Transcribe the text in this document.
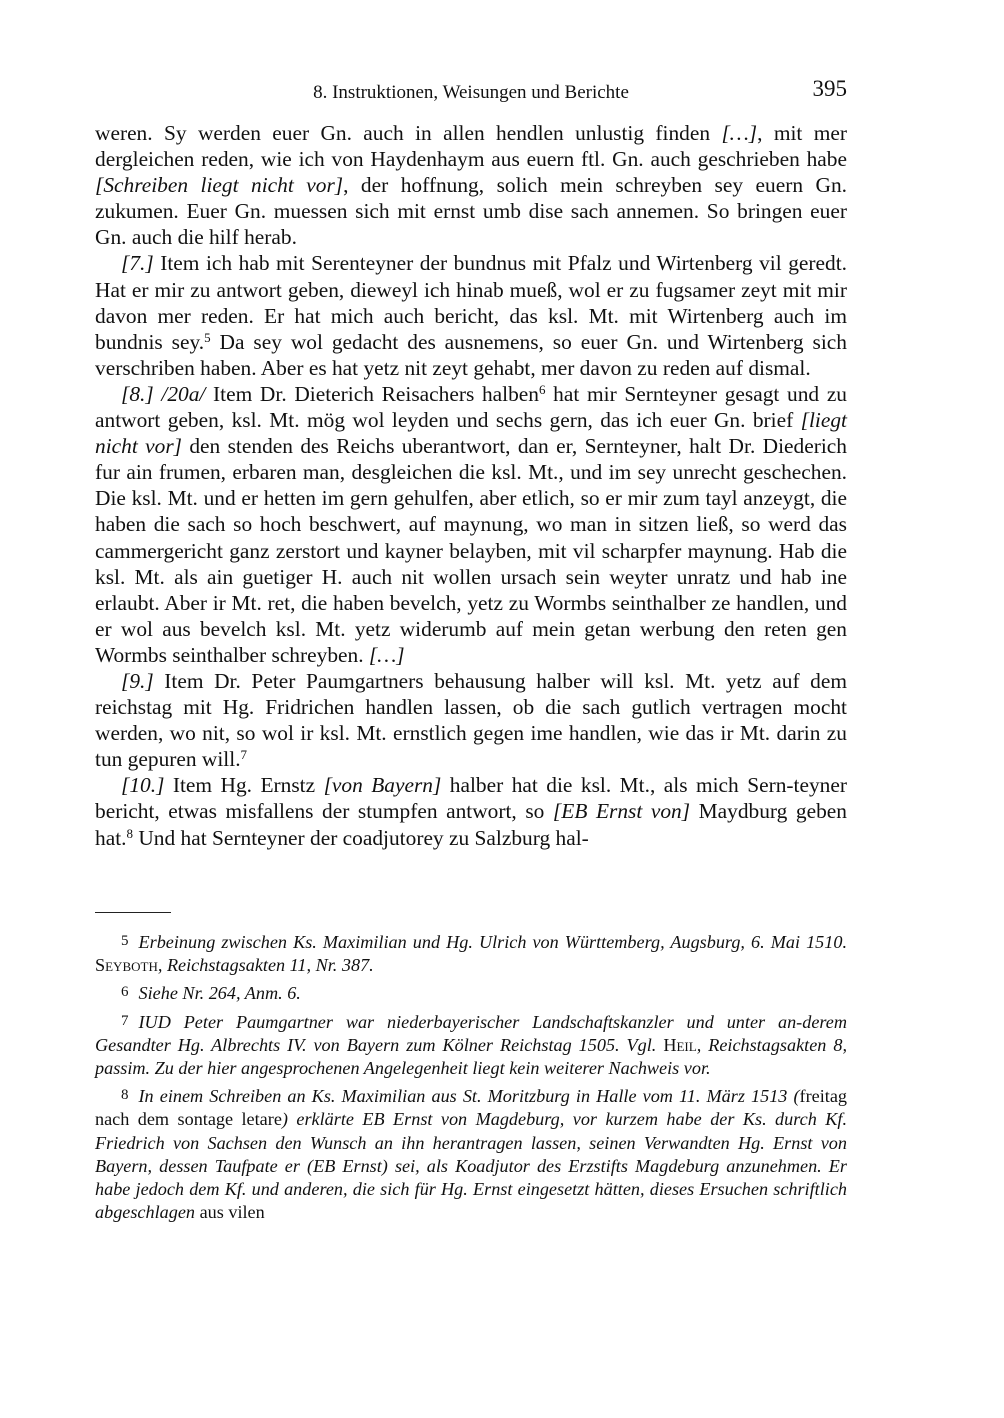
8. Instruktionen, Weisungen und Berichte	395

weren. Sy werden euer Gn. auch in allen hendlen unlustig finden […], mit mer dergleichen reden, wie ich von Haydenhaym aus euern ftl. Gn. auch geschrieben habe [Schreiben liegt nicht vor], der hoffnung, solich mein schreyben sey euern Gn. zukumen. Euer Gn. muessen sich mit ernst umb dise sach annemen. So bringen euer Gn. auch die hilf herab.

[7.] Item ich hab mit Serenteyner der bundnus mit Pfalz und Wirtenberg vil geredt. Hat er mir zu antwort geben, dieweyl ich hinab mueß, wol er zu fugsamer zeyt mit mir davon mer reden. Er hat mich auch bericht, das ksl. Mt. mit Wirtenberg auch im bundnis sey.$^5$ Da sey wol gedacht des ausnemens, so euer Gn. und Wirtenberg sich verschriben haben. Aber es hat yetz nit zeyt gehabt, mer davon zu reden auf dismal.

[8.] /20a/ Item Dr. Dieterich Reisachers halben$^6$ hat mir Sernteyner gesagt und zu antwort geben, ksl. Mt. mög wol leyden und sechs gern, das ich euer Gn. brief [liegt nicht vor] den stenden des Reichs uberantwort, dan er, Sernteyner, halt Dr. Diederich fur ain frumen, erbaren man, desgleichen die ksl. Mt., und im sey unrecht geschechen. Die ksl. Mt. und er hetten im gern gehulfen, aber etlich, so er mir zum tayl anzeygt, die haben die sach so hoch beschwert, auf maynung, wo man in sitzen ließ, so werd das cammergericht ganz zerstort und kayner belayben, mit vil scharpfer maynung. Hab die ksl. Mt. als ain guetiger H. auch nit wollen ursach sein weyter unratz und hab ine erlaubt. Aber ir Mt. ret, die haben bevelch, yetz zu Wormbs seinthalber ze handlen, und er wol aus bevelch ksl. Mt. yetz widerumb auf mein getan werbung den reten gen Wormbs seinthalber schreyben. […]

[9.] Item Dr. Peter Paumgartners behausung halber will ksl. Mt. yetz auf dem reichstag mit Hg. Fridrichen handlen lassen, ob die sach gutlich vertragen mocht werden, wo nit, so wol ir ksl. Mt. ernstlich gegen ime handlen, wie das ir Mt. darin zu tun gepuren will.$^7$

[10.] Item Hg. Ernstz [von Bayern] halber hat die ksl. Mt., als mich Sern-teyner bericht, etwas misfallens der stumpfen antwort, so [EB Ernst von] Maydburg geben hat.$^8$ Und hat Sernteyner der coadjutorey zu Salzburg hal-

5 Erbeinung zwischen Ks. Maximilian und Hg. Ulrich von Württemberg, Augsburg, 6. Mai 1510. Seyboth, Reichstagsakten 11, Nr. 387.

6 Siehe Nr. 264, Anm. 6.

7 IUD Peter Paumgartner war niederbayerischer Landschaftskanzler und unter an-derem Gesandter Hg. Albrechts IV. von Bayern zum Kölner Reichstag 1505. Vgl. Heil, Reichstagsakten 8, passim. Zu der hier angesprochenen Angelegenheit liegt kein weiterer Nachweis vor.

8 In einem Schreiben an Ks. Maximilian aus St. Moritzburg in Halle vom 11. März 1513 (freitag nach dem sontage letare) erklärte EB Ernst von Magdeburg, vor kurzem habe der Ks. durch Kf. Friedrich von Sachsen den Wunsch an ihn herantragen lassen, seinen Verwandten Hg. Ernst von Bayern, dessen Taufpate er (EB Ernst) sei, als Koadjutor des Erzstifts Magdeburg anzunehmen. Er habe jedoch dem Kf. und anderen, die sich für Hg. Ernst eingesetzt hätten, dieses Ersuchen schriftlich abgeschlagen aus vilen
